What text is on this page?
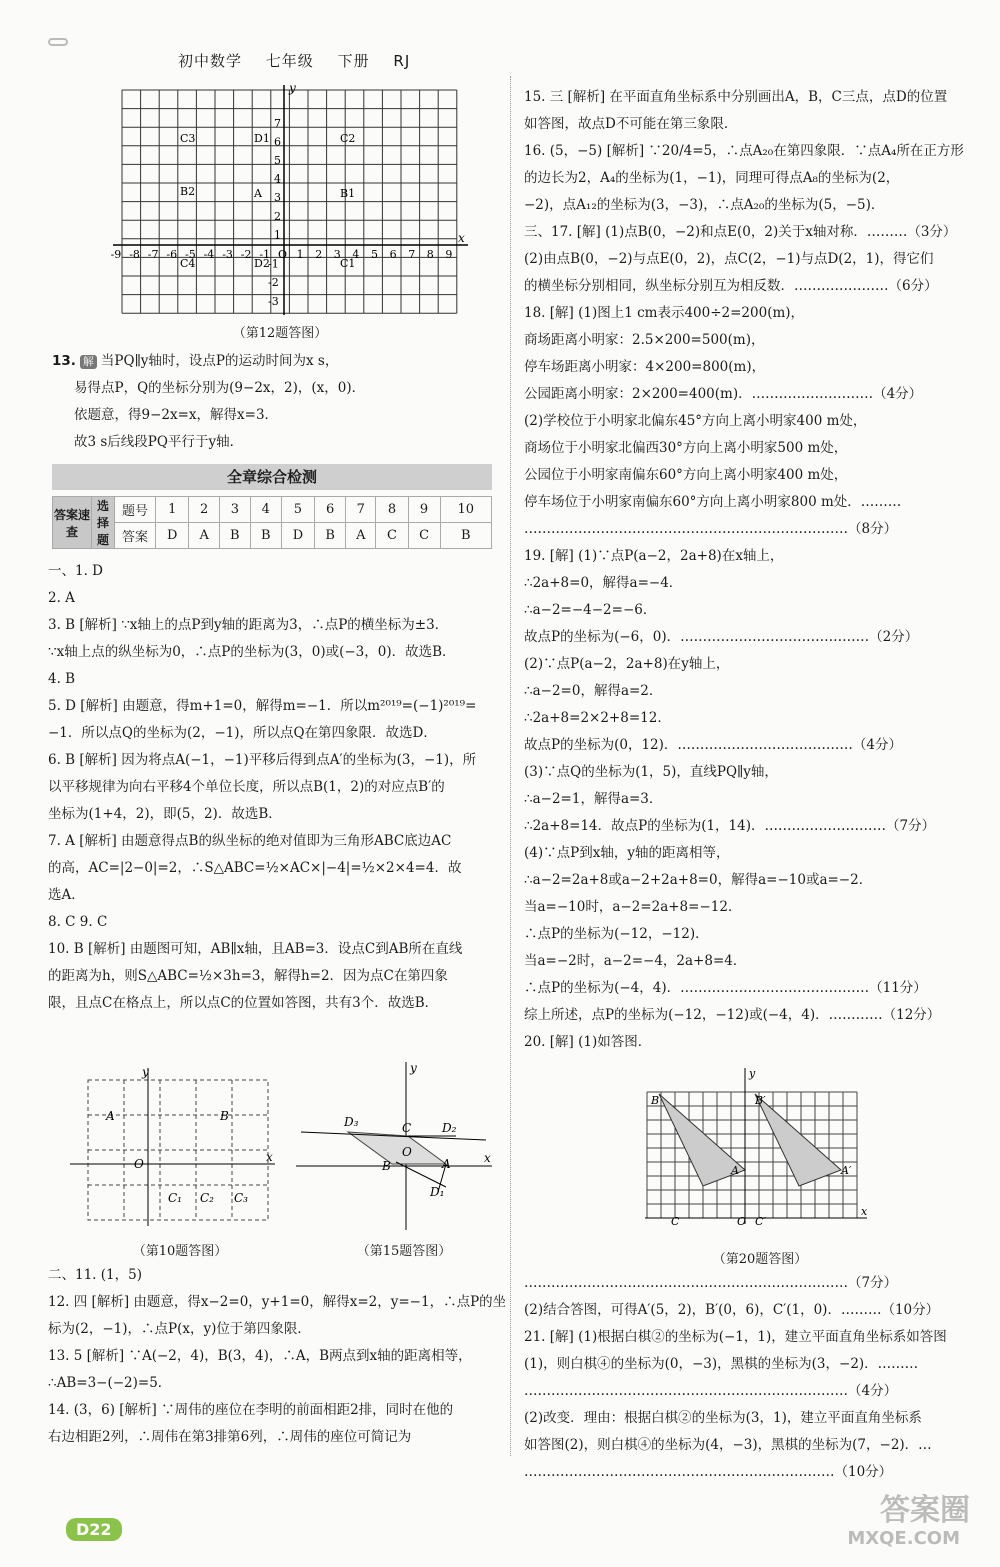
初中数学 七年级 下册 RJ
x
y
-9 -8 -7 -6 -5 -4 -3 -2 -1 1 2 3 4 5 6 7 8 9
O
1
2
3
4
5
6
7
-1
-2
-3
C3	D1	C2
B2	A	B1
C4	D2	C1
（第12题答图）

13. 解 当PQ∥y轴时，设点P的运动时间为x s，

易得点P，Q的坐标分别为(9−2x，2)，(x，0)．

依题意，得9−2x=x，解得x=3．

故3 s后线段PQ平行于y轴．

全章综合检测
答案速查	选择题	题号	1	2	3	4	5	6	7	8	9	10
		答案	D	A	B	B	D	B	A	C	C	B

一、1. D

2. A

3. B [解析] ∵x轴上的点P到y轴的距离为3，∴点P的横坐标为±3．

∵x轴上点的纵坐标为0，∴点P的坐标为(3，0)或(−3，0)．故选B．

4. B

5. D [解析] 由题意，得m+1=0，解得m=−1．所以m²⁰¹⁹=(−1)²⁰¹⁹=

−1．所以点Q的坐标为(2，−1)，所以点Q在第四象限．故选D．

6. B [解析] 因为将点A(−1，−1)平移后得到点A′的坐标为(3，−1)，所

以平移规律为向右平移4个单位长度，所以点B(1，2)的对应点B′的

坐标为(1+4，2)，即(5，2)．故选B．

7. A [解析] 由题意得点B的纵坐标的绝对值即为三角形ABC底边AC

的高，AC=|2−0|=2，∴S△ABC=½×AC×|−4|=½×2×4=4．故

选A．

8. C 9. C

10. B [解析] 由题图可知，AB∥x轴，且AB=3．设点C到AB所在直线

的距离为h，则S△ABC=½×3h=3，解得h=2．因为点C在第四象

限，且点C在格点上，所以点C的位置如答图，共有3个．故选B．

x
y
O
A	B
C₁ C₂ C₃
（第10题答图）
x
y
D₃	C	D₂
O
B	A
D₁
（第15题答图）

二、11. (1，5)

12. 四 [解析] 由题意，得x−2=0，y+1=0，解得x=2，y=−1，∴点P的坐

标为(2，−1)，∴点P(x，y)位于第四象限．

13. 5 [解析] ∵A(−2，4)，B(3，4)，∴A，B两点到x轴的距离相等，

∴AB=3−(−2)=5．

14. (3，6) [解析] ∵周伟的座位在李明的前面相距2排，同时在他的

右边相距2列，∴周伟在第3排第6列，∴周伟的座位可简记为

15. 三 [解析] 在平面直角坐标系中分别画出A，B，C三点，点D的位置

如答图，故点D不可能在第三象限．

16. (5，−5) [解析] ∵20/4=5，∴点A₂₀在第四象限．∵点A₄所在正方形

的边长为2，A₄的坐标为(1，−1)，同理可得点A₈的坐标为(2，

−2)，点A₁₂的坐标为(3，−3)，∴点A₂₀的坐标为(5，−5)．

三、17. [解] (1)点B(0，−2)和点E(0，2)关于x轴对称．………（3分）

(2)由点B(0，−2)与点E(0，2)，点C(2，−1)与点D(2，1)，得它们

的横坐标分别相同，纵坐标分别互为相反数．…………………（6分）

18. [解] (1)图上1 cm表示400÷2=200(m)，

商场距离小明家：2.5×200=500(m)，

停车场距离小明家：4×200=800(m)，

公园距离小明家：2×200=400(m)．………………………（4分）

(2)学校位于小明家北偏东45°方向上离小明家400 m处，

商场位于小明家北偏西30°方向上离小明家500 m处，

公园位于小明家南偏东60°方向上离小明家400 m处，

停车场位于小明家南偏东60°方向上离小明家800 m处．………

………………………………………………………………（8分）

19. [解] (1)∵点P(a−2，2a+8)在x轴上，

∴2a+8=0，解得a=−4．

∴a−2=−4−2=−6．

故点P的坐标为(−6，0)．……………………………………（2分）

(2)∵点P(a−2，2a+8)在y轴上，

∴a−2=0，解得a=2．

∴2a+8=2×2+8=12．

故点P的坐标为(0，12)．…………………………………（4分）

(3)∵点Q的坐标为(1，5)，直线PQ∥y轴，

∴a−2=1，解得a=3．

∴2a+8=14．故点P的坐标为(1，14)．………………………（7分）

(4)∵点P到x轴，y轴的距离相等，

∴a−2=2a+8或a−2+2a+8=0，解得a=−10或a=−2．

当a=−10时，a−2=2a+8=−12．

∴点P的坐标为(−12，−12)．

当a=−2时，a−2=−4，2a+8=4．

∴点P的坐标为(−4，4)．……………………………………（11分）

综上所述，点P的坐标为(−12，−12)或(−4，4)．…………（12分）

20. [解] (1)如答图．

x
y
B	B′
A	A′
C	O C′
（第20题答图）

………………………………………………………………（7分）

(2)结合答图，可得A′(5，2)，B′(0，6)，C′(1，0)．………（10分）

21. [解] (1)根据白棋②的坐标为(−1，1)，建立平面直角坐标系如答图

(1)，则白棋④的坐标为(0，−3)，黑棋的坐标为(3，−2)．………

………………………………………………………………（4分）

(2)改变．理由：根据白棋②的坐标为(3，1)，建立平面直角坐标系

如答图(2)，则白棋④的坐标为(4，−3)，黑棋的坐标为(7，−2)．…

……………………………………………………………（10分）

D22
答案圈
MXQE.COM
